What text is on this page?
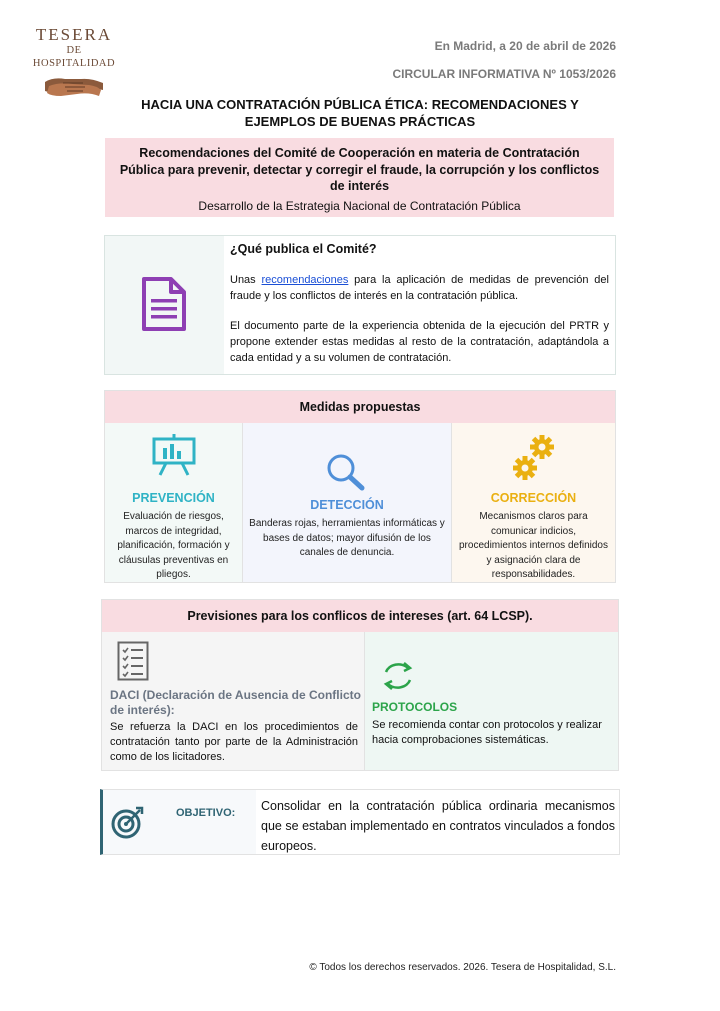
TESERA
DE HOSPITALIDAD
En Madrid, a 20 de abril de 2026
CIRCULAR INFORMATIVA Nº 1053/2026
HACIA UNA CONTRATACIÓN PÚBLICA ÉTICA: RECOMENDACIONES Y
EJEMPLOS DE BUENAS PRÁCTICAS
Recomendaciones del Comité de Cooperación en materia de Contratación Pública para prevenir, detectar y corregir el fraude, la corrupción y los conflictos de interés
Desarrollo de la Estrategia Nacional de Contratación Pública
¿Qué publica el Comité?

Unas recomendaciones para la aplicación de medidas de prevención del fraude y los conflictos de interés en la contratación pública.

El documento parte de la experiencia obtenida de la ejecución del PRTR y propone extender estas medidas al resto de la contratación, adaptándola a cada entidad y a su volumen de contratación.

Medidas propuestas
PREVENCIÓN
Evaluación de riesgos, marcos de integridad, planificación, formación y cláusulas preventivas en pliegos.
DETECCIÓN
Banderas rojas, herramientas informáticas y bases de datos; mayor difusión de los canales de denuncia.
CORRECCIÓN
Mecanismos claros para comunicar indicios, procedimientos internos definidos y asignación clara de responsabilidades.
Previsiones para los conflicos de intereses (art. 64 LCSP).
DACI (Declaración de Ausencia de Conflicto de interés):
Se refuerza la DACI en los procedimientos de contratación tanto por parte de la Administración como de los licitadores.
PROTOCOLOS
Se recomienda contar con protocolos y realizar hacia comprobaciones sistemáticas.
OBJETIVO:	Consolidar en la contratación pública ordinaria mecanismos que se estaban implementado en contratos vinculados a fondos europeos.
© Todos los derechos reservados. 2026. Tesera de Hospitalidad, S.L.
